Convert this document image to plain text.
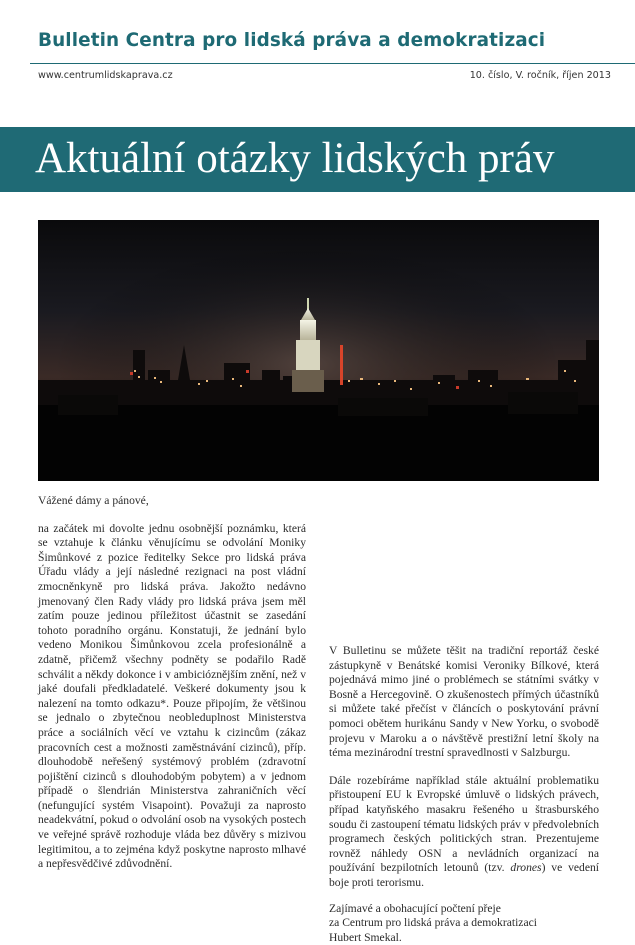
Bulletin Centra pro lidská práva a demokratizaci
www.centrumlidskaprava.cz	10. číslo, V. ročník, říjen 2013
Aktuální otázky lidských práv

Vážené dámy a pánové,

na začátek mi dovolte jednu osobnější poznámku, která se vztahuje k článku věnujícímu se odvolání Moniky Šimůnkové z pozice ředitelky Sekce pro lidská práva Úřadu vlády a její následné rezignaci na post vládní zmocněnkyně pro lidská práva. Jakožto nedávno jmenovaný člen Rady vlády pro lidská práva jsem měl zatím pouze jedinou příležitost účastnit se zasedání tohoto poradního orgánu. Konstatuji, že jednání bylo vedeno Monikou Šimůnkovou zcela profesionálně a zdatně, přičemž všechny podněty se podařilo Radě schválit a někdy dokonce i v ambicióznějším znění, než v jaké doufali předkladatelé. Veškeré dokumenty jsou k nalezení na tomto odkazu*. Pouze připojím, že většinou se jednalo o zbytečnou neobleduplnost Ministerstva práce a sociálních věcí ve vztahu k cizincům (zákaz pracovních cest a možnosti zaměstnávání cizinců), příp. dlouhodobě neřešený systémový problém (zdravotní pojištění cizinců s dlouhodobým pobytem) a v jednom případě o šlendrián Ministerstva zahraničních věcí (nefungující systém Visapoint). Považuji za naprosto neadekvátní, pokud o odvolání osob na vysokých postech ve veřejné správě rozhoduje vláda bez důvěry s mizivou legitimitou, a to zejména když poskytne naprosto mlhavé a nepřesvědčivé zdůvodnění.

V Bulletinu se můžete těšit na tradiční reportáž české zástupkyně v Benátské komisi Veroniky Bílkové, která pojednává mimo jiné o problémech se státními svátky v Bosně a Hercegovině. O zkušenostech přímých účastníků si můžete také přečíst v článcích o poskytování právní pomoci obětem hurikánu Sandy v New Yorku, o svobodě projevu v Maroku a o návštěvě prestižní letní školy na téma mezinárodní trestní spravedlnosti v Salzburgu.

Dále rozebíráme například stále aktuální problematiku přistoupení EU k Evropské úmluvě o lidských právech, případ katyňského masakru řešeného u štrasburského soudu či zastoupení tématu lidských práv v předvolebních programech českých politických stran. Prezentujeme rovněž náhledy OSN a nevládních organizací na používání bezpilotních letounů (tzv. drones) ve vedení boje proti terorismu.

Zajímavé a obohacující počtení přeje

za Centrum pro lidská práva a demokratizaci

Hubert Smekal.
